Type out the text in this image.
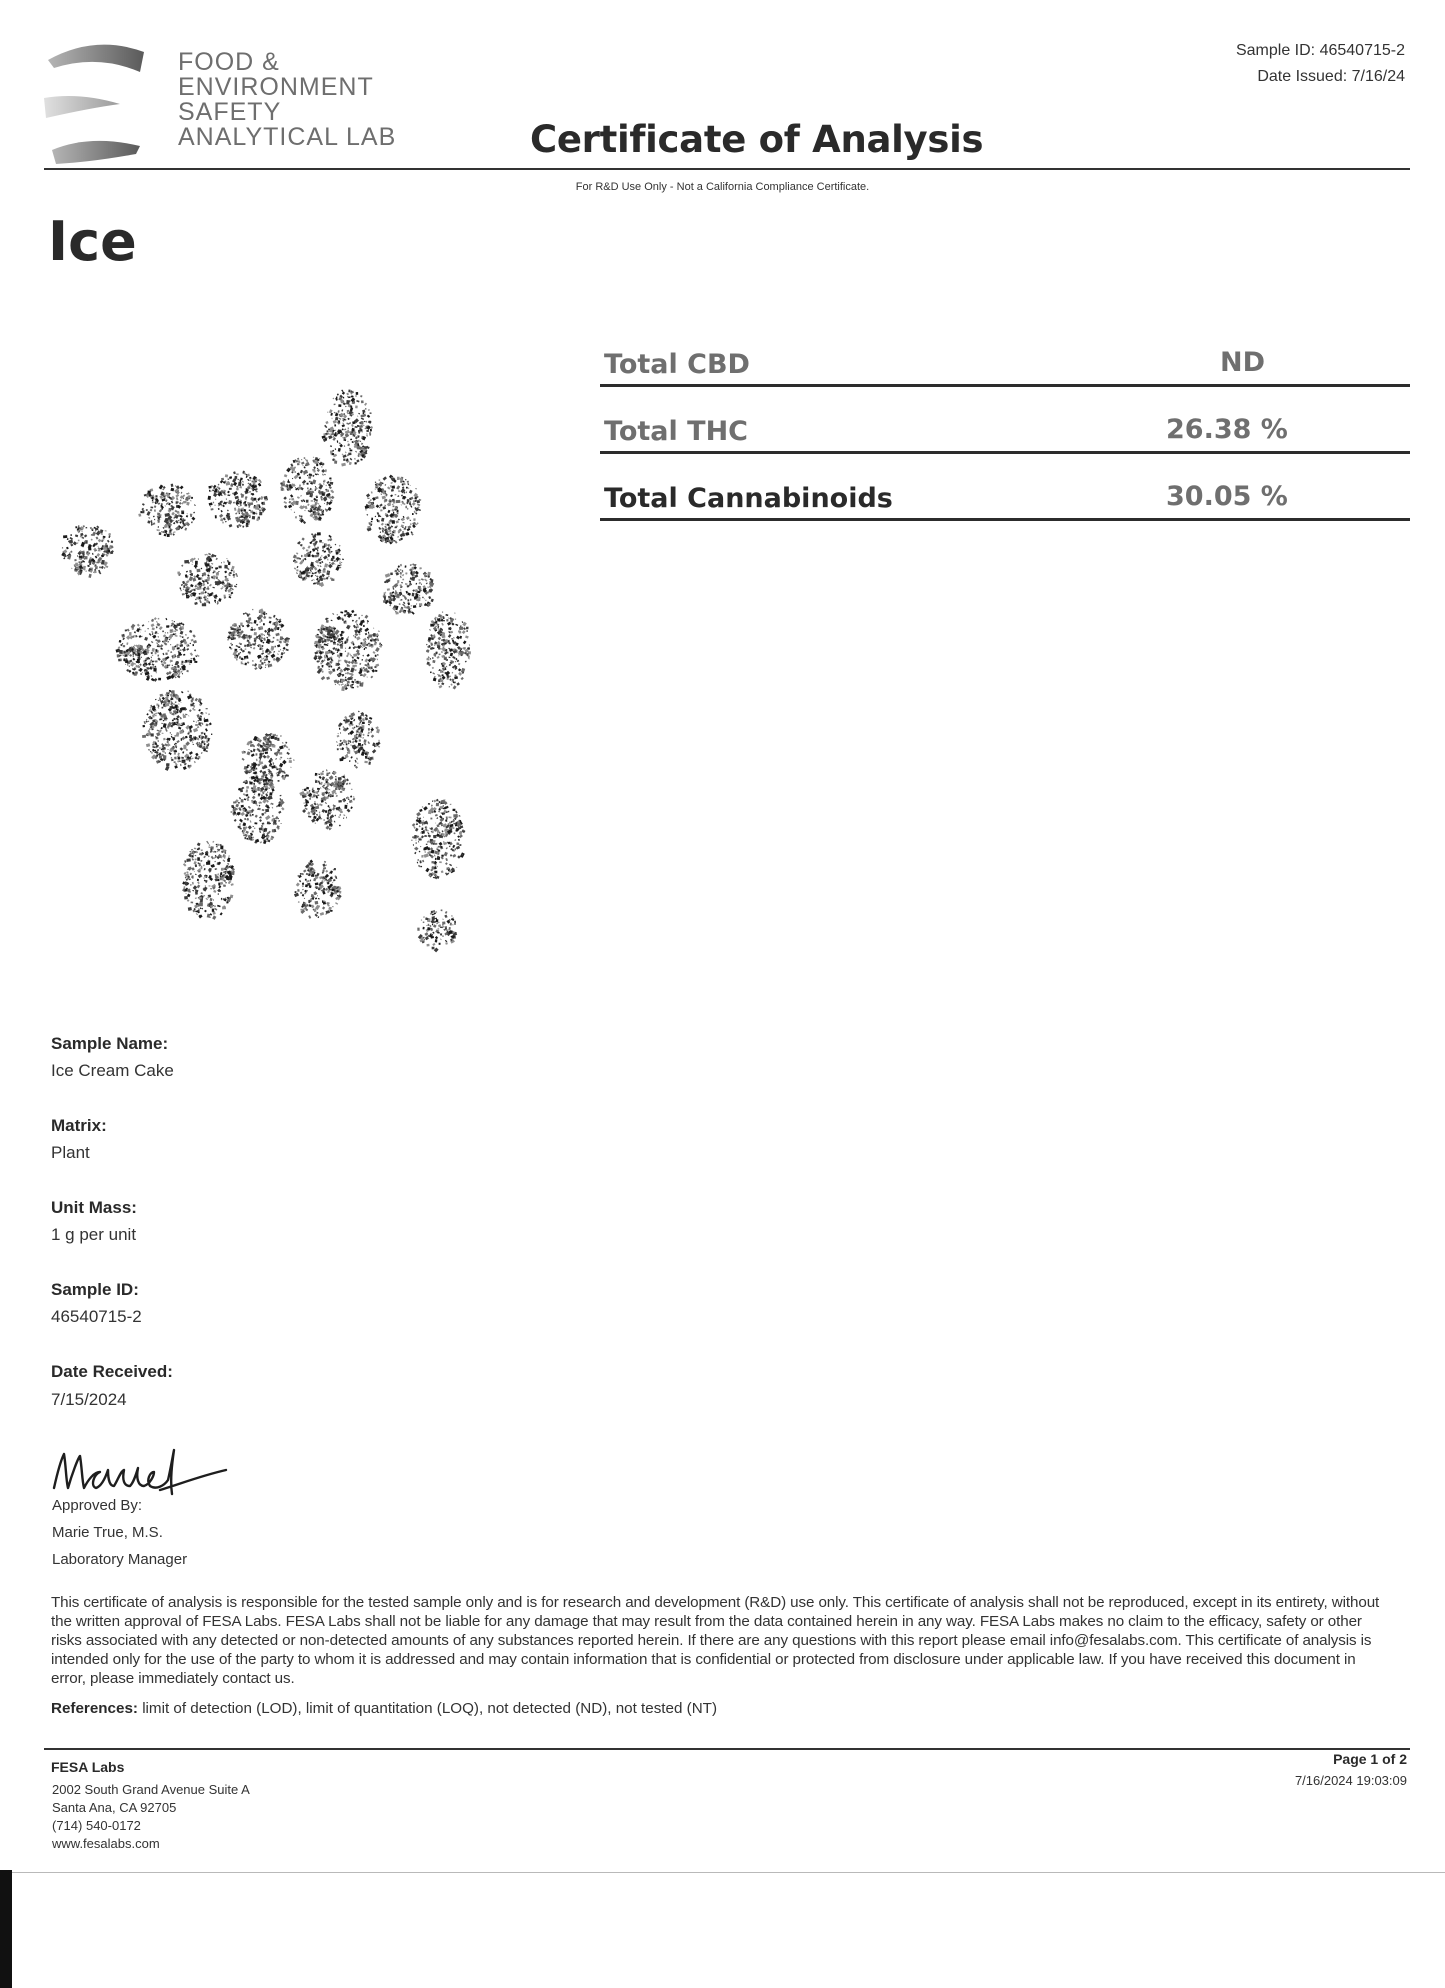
FOOD &
ENVIRONMENT
SAFETY
ANALYTICAL LAB
Sample ID: 46540715-2
Date Issued: 7/16/24
Certificate of Analysis
For R&D Use Only - Not a California Compliance Certificate.
Ice
Total CBD	ND
Total THC	26.38 %
Total Cannabinoids	30.05 %
Sample Name:
Ice Cream Cake
Matrix:
Plant
Unit Mass:
1 g per unit
Sample ID:
46540715-2
Date Received:
7/15/2024
Approved By:
Marie True, M.S.
Laboratory Manager
This certificate of analysis is responsible for the tested sample only and is for research and development (R&D) use only. This certificate of analysis shall not be reproduced, except in its entirety, without the written approval of FESA Labs. FESA Labs shall not be liable for any damage that may result from the data contained herein in any way. FESA Labs makes no claim to the efficacy, safety or other risks associated with any detected or non-detected amounts of any substances reported herein. If there are any questions with this report please email info@fesalabs.com. This certificate of analysis is intended only for the use of the party to whom it is addressed and may contain information that is confidential or protected from disclosure under applicable law. If you have received this document in error, please immediately contact us.
References: limit of detection (LOD), limit of quantitation (LOQ), not detected (ND), not tested (NT)
FESA Labs
2002 South Grand Avenue Suite A
Santa Ana, CA 92705
(714) 540-0172
www.fesalabs.com
Page 1 of 2
7/16/2024 19:03:09
